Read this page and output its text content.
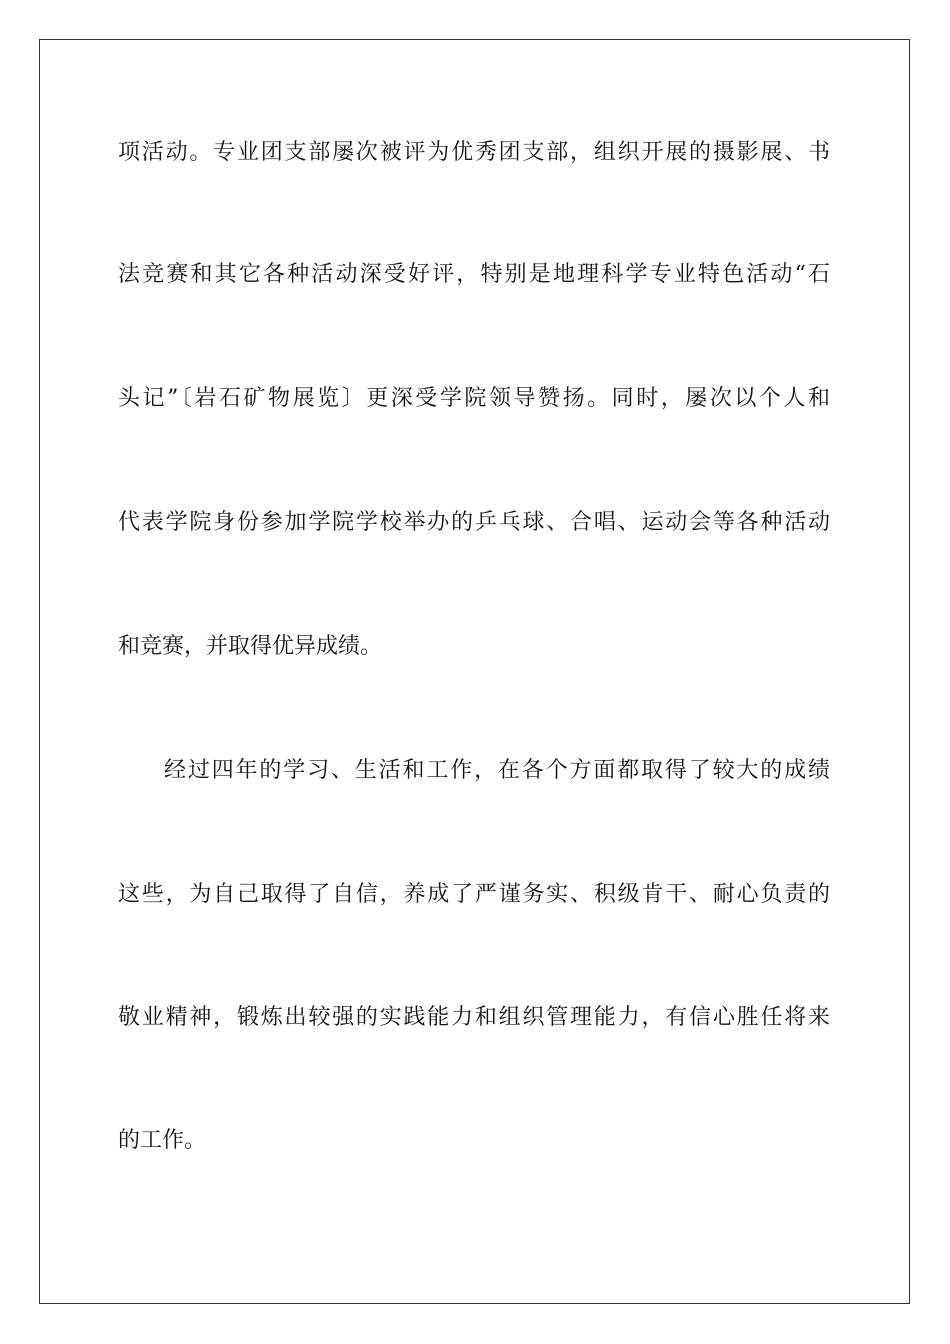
项活动。专业团支部屡次被评为优秀团支部，组织开展的摄影展、书
法竞赛和其它各种活动深受好评，特别是地理科学专业特色活动“石
头记”〔岩石矿物展览〕更深受学院领导赞扬。同时，屡次以个人和
代表学院身份参加学院学校举办的乒乓球、合唱、运动会等各种活动
和竞赛，并取得优异成绩。
经过四年的学习、生活和工作，在各个方面都取得了较大的成绩
这些，为自己取得了自信，养成了严谨务实、积级肯干、耐心负责的
敬业精神，锻炼出较强的实践能力和组织管理能力，有信心胜任将来
的工作。
